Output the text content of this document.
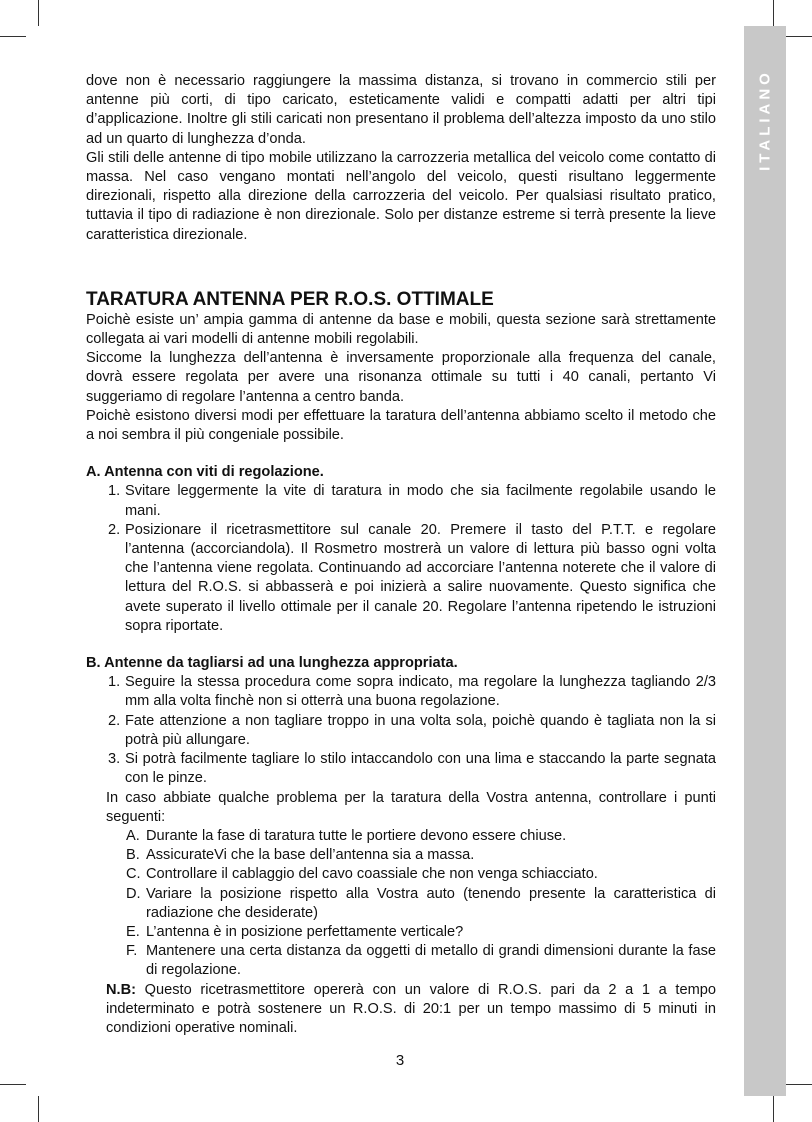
ITALIANO

dove non è necessario raggiungere la massima distanza, si trovano in commercio stili per antenne più corti, di tipo caricato, esteticamente validi e compatti adatti per altri tipi d’applicazione. Inoltre gli stili caricati non presentano il problema dell’altezza imposto da uno stilo ad un quarto di lunghezza d’onda.

Gli stili delle antenne di tipo mobile utilizzano la carrozzeria metallica del veicolo come contatto di massa. Nel caso vengano montati nell’angolo del veicolo, questi risultano leggermente direzionali, rispetto alla direzione della carrozzeria del veicolo. Per qualsiasi risultato pratico, tuttavia il tipo di radiazione è non direzionale. Solo per distanze estreme si terrà presente la lieve caratteristica direzionale.

TARATURA ANTENNA PER R.O.S. OTTIMALE

Poichè esiste un’ ampia gamma di antenne da base e mobili, questa sezione sarà strettamente collegata ai vari modelli di antenne mobili regolabili.

Siccome la lunghezza dell’antenna è inversamente proporzionale alla frequenza del canale, dovrà essere regolata per avere una risonanza ottimale su tutti i 40 canali, pertanto Vi suggeriamo di regolare l’antenna a centro banda.

Poichè esistono diversi modi per effettuare la taratura dell’antenna abbiamo scelto il metodo che a noi sembra il più congeniale possibile.

A. Antenna con viti di regolazione.
1. Svitare leggermente la vite di taratura in modo che sia facilmente regolabile usando le mani.
2. Posizionare il ricetrasmettitore sul canale 20. Premere il tasto del P.T.T. e regolare l’antenna (accorciandola). Il Rosmetro mostrerà un valore di lettura più basso ogni volta che l’antenna viene regolata. Continuando ad accorciare l’antenna noterete che il valore di lettura del R.O.S. si abbasserà e poi inizierà a salire nuovamente. Questo significa che avete superato il livello ottimale per il canale 20. Regolare l’antenna ripetendo le istruzioni sopra riportate.
B. Antenne da tagliarsi ad una lunghezza appropriata.
1. Seguire la stessa procedura come sopra indicato, ma regolare la lunghezza tagliando 2/3 mm alla volta finchè non si otterrà una buona regolazione.
2. Fate attenzione a non tagliare troppo in una volta sola, poichè quando è tagliata non la si potrà più allungare.
3. Si potrà facilmente tagliare lo stilo intaccandolo con una lima e staccando la parte segnata con le pinze.

In caso abbiate qualche problema per la taratura della Vostra antenna, controllare i punti seguenti:

A. Durante la fase di taratura tutte le portiere devono essere chiuse.
B. AssicurateVi che la base dell’antenna sia a massa.
C. Controllare il cablaggio del cavo coassiale che non venga schiacciato.
D. Variare la posizione rispetto alla Vostra auto (tenendo presente la caratteristica di radiazione che desiderate)
E. L’antenna è in posizione perfettamente verticale?
F. Mantenere una certa distanza da oggetti di metallo di grandi dimensioni durante la fase di regolazione.

N.B: Questo ricetrasmettitore opererà con un valore di R.O.S. pari da 2 a 1 a tempo indeterminato e potrà sostenere un R.O.S. di 20:1 per un tempo massimo di 5 minuti in condizioni operative nominali.

3
